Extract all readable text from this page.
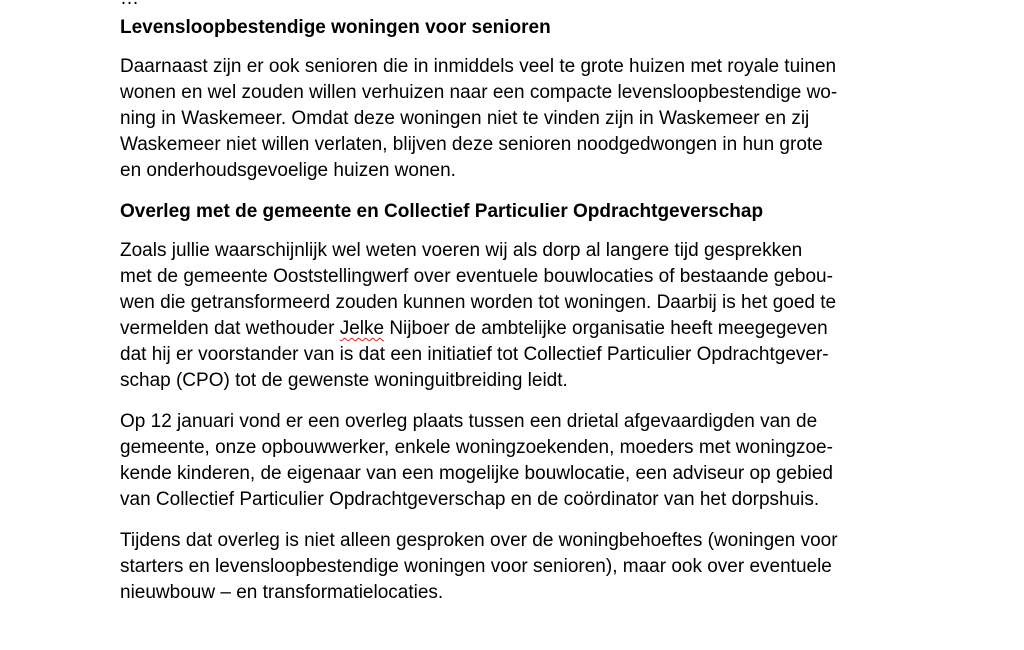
Levensloopbestendige woningen voor senioren
Daarnaast zijn er ook senioren die in inmiddels veel te grote huizen met royale tuinen
wonen en wel zouden willen verhuizen naar een compacte levensloopbestendige wo-
ning in Waskemeer. Omdat deze woningen niet te vinden zijn in Waskemeer en zij
Waskemeer niet willen verlaten, blijven deze senioren noodgedwongen in hun grote
en onderhoudsgevoelige huizen wonen.
Overleg met de gemeente en Collectief Particulier Opdrachtgeverschap
Zoals jullie waarschijnlijk wel weten voeren wij als dorp al langere tijd gesprekken
met de gemeente Ooststellingwerf over eventuele bouwlocaties of bestaande gebou-
wen die getransformeerd zouden kunnen worden tot woningen. Daarbij is het goed te
vermelden dat wethouder Jelke Nijboer de ambtelijke organisatie heeft meegegeven
dat hij er voorstander van is dat een initiatief tot Collectief Particulier Opdrachtgever-
schap (CPO) tot de gewenste woninguitbreiding leidt.
Op 12 januari vond er een overleg plaats tussen een drietal afgevaardigden van de
gemeente, onze opbouwwerker, enkele woningzoekenden, moeders met woningzoe-
kende kinderen, de eigenaar van een mogelijke bouwlocatie, een adviseur op gebied
van Collectief Particulier Opdrachtgeverschap en de coördinator van het dorpshuis.
Tijdens dat overleg is niet alleen gesproken over de woningbehoeftes (woningen voor
starters en levensloopbestendige woningen voor senioren), maar ook over eventuele
nieuwbouw – en transformatielocaties.
